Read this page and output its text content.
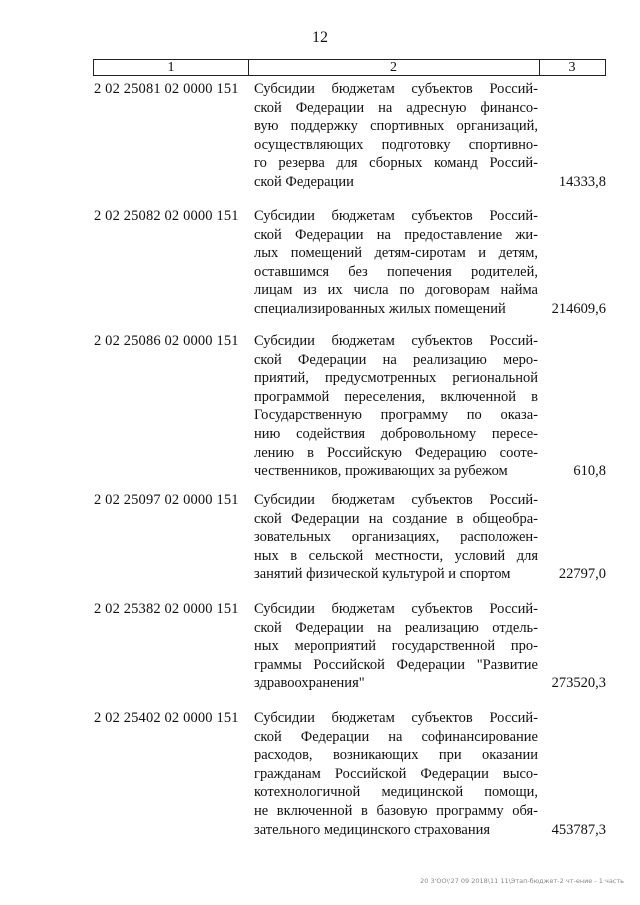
12
1	2	3
2 02 25081 02 0000 151	Субсидии бюджетам субъектов Россий-
ской Федерации на адресную финансо-
вую поддержку спортивных организаций,
осуществляющих подготовку спортивно-
го резерва для сборных команд Россий-
ской Федерации	14333,8
2 02 25082 02 0000 151	Субсидии бюджетам субъектов Россий-
ской Федерации на предоставление жи-
лых помещений детям-сиротам и детям,
оставшимся без попечения родителей,
лицам из их числа по договорам найма
специализированных жилых помещений	214609,6
2 02 25086 02 0000 151	Субсидии бюджетам субъектов Россий-
ской Федерации на реализацию меро-
приятий, предусмотренных региональной
программой переселения, включенной в
Государственную программу по оказа-
нию содействия добровольному пересе-
лению в Российскую Федерацию сооте-
чественников, проживающих за рубежом	610,8
2 02 25097 02 0000 151	Субсидии бюджетам субъектов Россий-
ской Федерации на создание в общеобра-
зовательных организациях, расположен-
ных в сельской местности, условий для
занятий физической культурой и спортом	22797,0
2 02 25382 02 0000 151	Субсидии бюджетам субъектов Россий-
ской Федерации на реализацию отдель-
ных мероприятий государственной про-
граммы Российской Федерации "Развитие
здравоохранения"	273520,3
2 02 25402 02 0000 151	Субсидии бюджетам субъектов Россий-
ской Федерации на софинансирование
расходов, возникающих при оказании
гражданам Российской Федерации высо-
котехнологичной медицинской помощи,
не включенной в базовую программу обя-
зательного медицинского страхования	453787,3
20 3'ОО\'27 09 2018\11 11\Этап-бюджет-2 чт-ение - 1 часть
